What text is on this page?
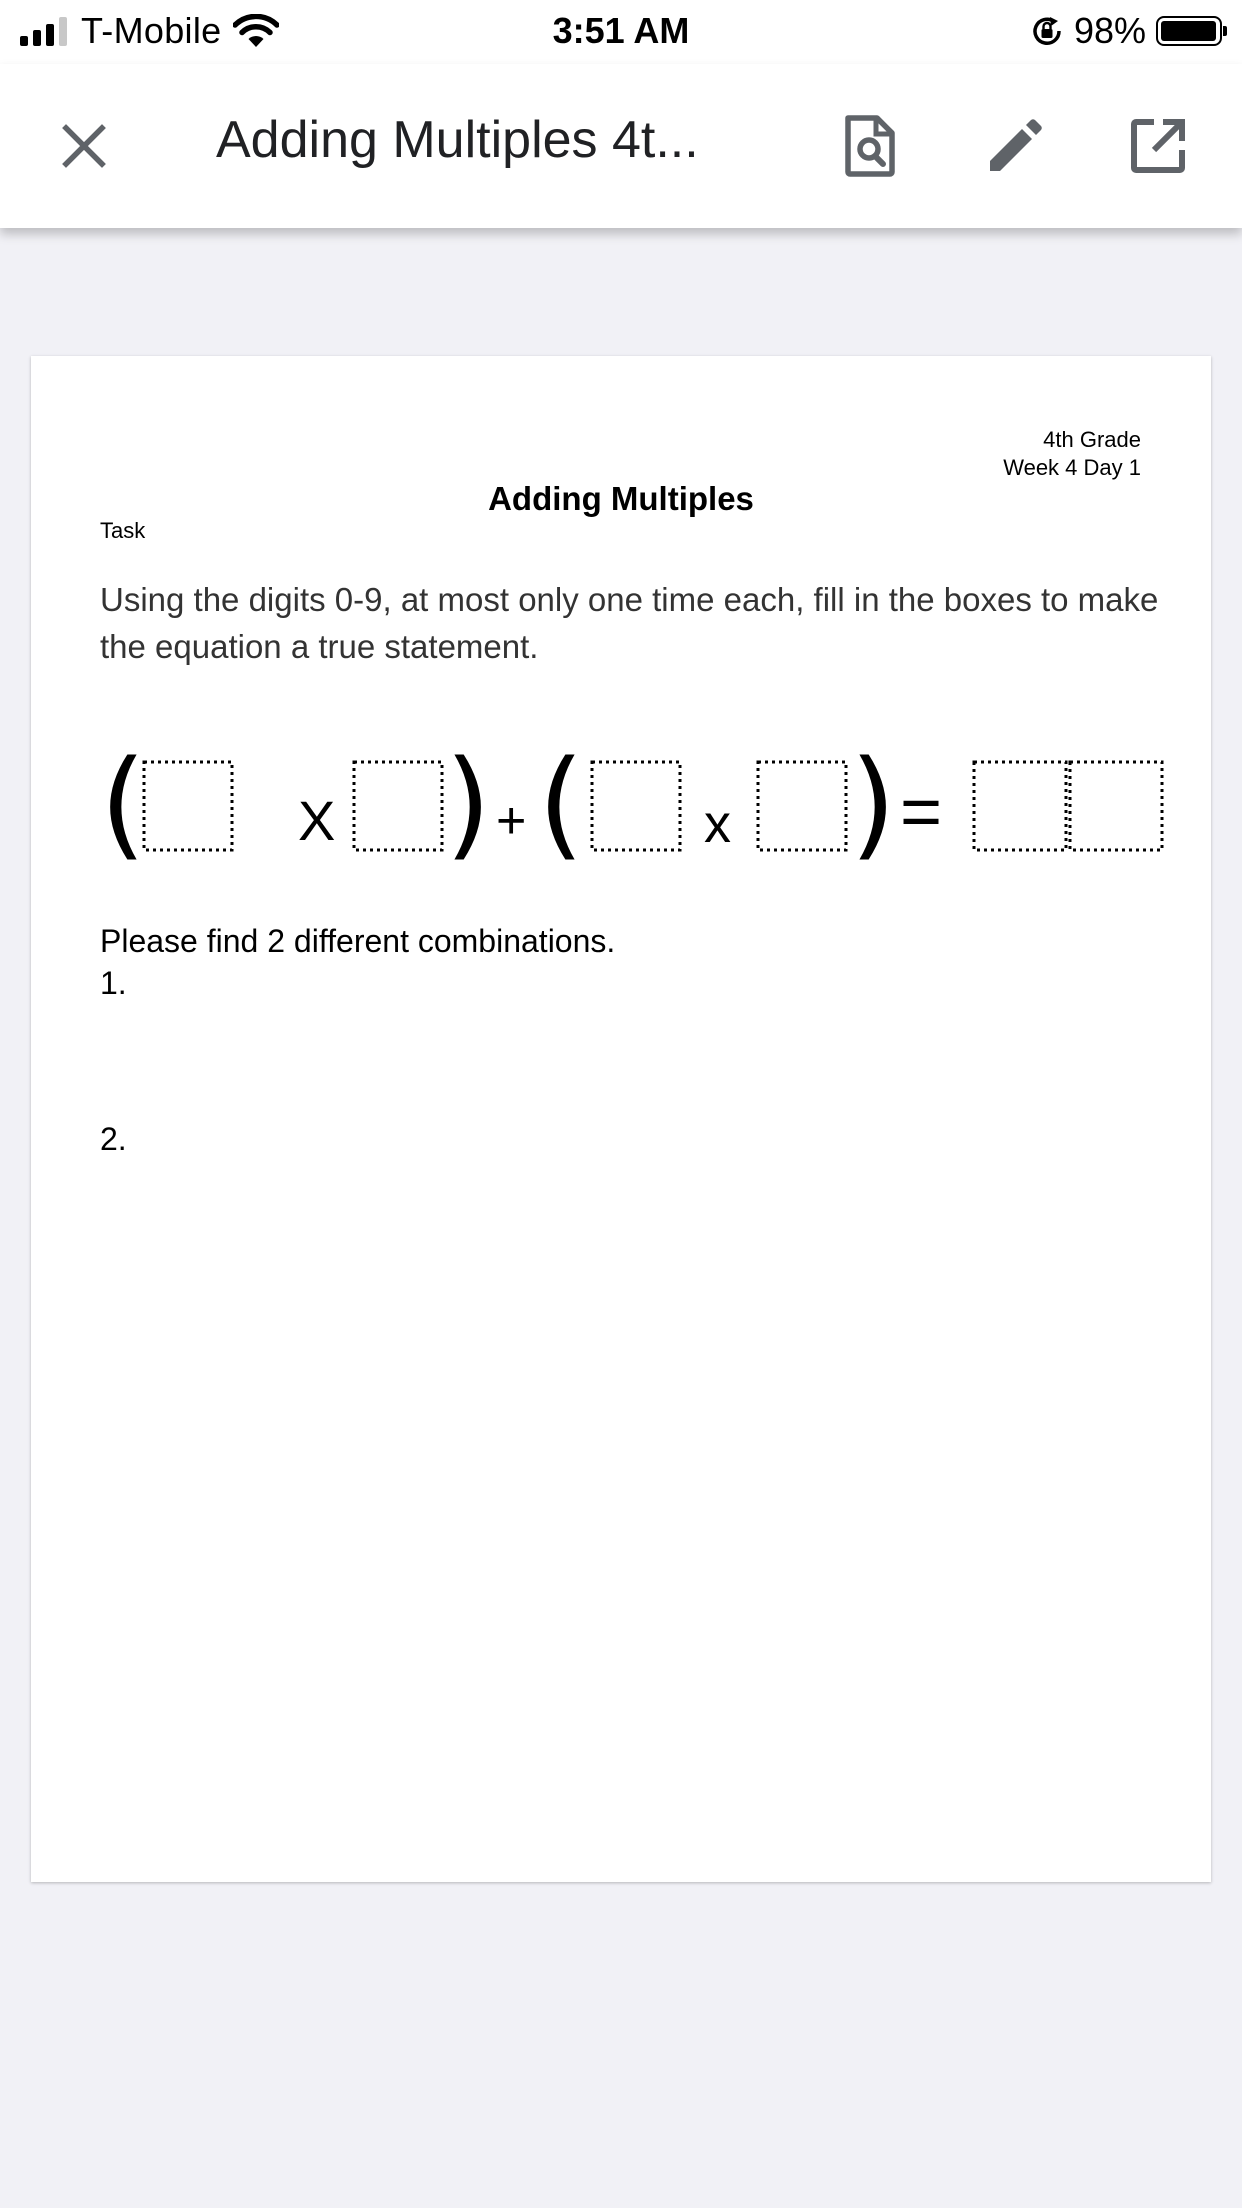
T-Mobile	3:51 AM	98%
Adding Multiples 4t...
4th Grade
Week 4 Day 1
Adding Multiples
Task
Using the digits 0-9, at most only one time each, fill in the boxes to make the equation a true statement.
(	X ) + ( x ) =
Please find 2 different combinations.
1.
2.
